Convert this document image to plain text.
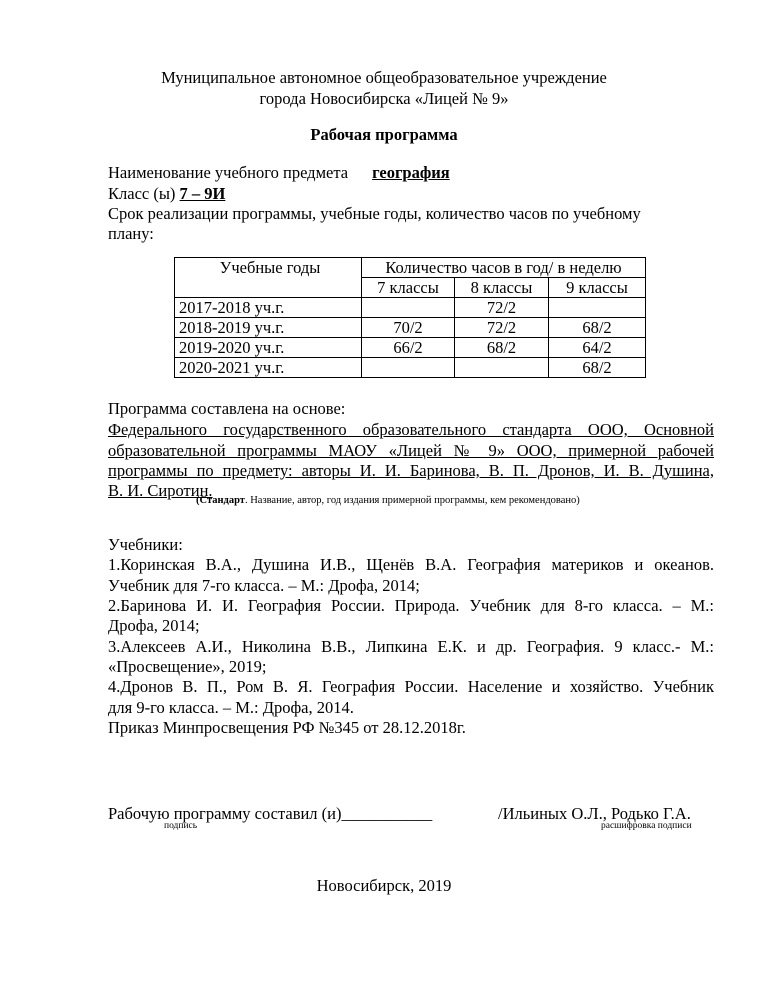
Муниципальное автономное общеобразовательное учреждение
города Новосибирска «Лицей № 9»
Рабочая программа
Наименование учебного предмета география
Класс (ы) 7 – 9И
Срок реализации программы, учебные годы, количество часов по учебному
плану:
Учебные годы	Количество часов в год/ в неделю		
	7 классы	8 классы	9 классы
2017-2018 уч.г.		72/2	
2018-2019 уч.г.	70/2	72/2	68/2
2019-2020 уч.г.	66/2	68/2	64/2
2020-2021 уч.г.			68/2
Программа составлена на основе:
Федерального государственного образовательного стандарта ООО, Основной
образовательной программы МАОУ «Лицей № 9» ООО, примерной рабочей
программы по предмету: авторы И. И. Баринова, В. П. Дронов, И. В. Душина,
В. И. Сиротин.
(Стандарт. Название, автор, год издания примерной программы, кем рекомендовано)
Учебники:
1.Коринская В.А., Душина И.В., Щенёв В.А. География материков и океанов.
Учебник для 7-го класса. – М.: Дрофа, 2014;
2.Баринова И. И. География России. Природа. Учебник для 8-го класса. – М.:
Дрофа, 2014;
3.Алексеев А.И., Николина В.В., Липкина Е.К. и др. География. 9 класс.- М.:
«Просвещение», 2019;
4.Дронов В. П., Ром В. Я. География России. Население и хозяйство. Учебник
для 9-го класса. – М.: Дрофа, 2014.
Приказ Минпросвещения РФ №345 от 28.12.2018г.
Рабочую программу составил (и)___________	/Ильиных О.Л., Родько Г.А.
подпись	расшифровка подписи
Новосибирск, 2019
